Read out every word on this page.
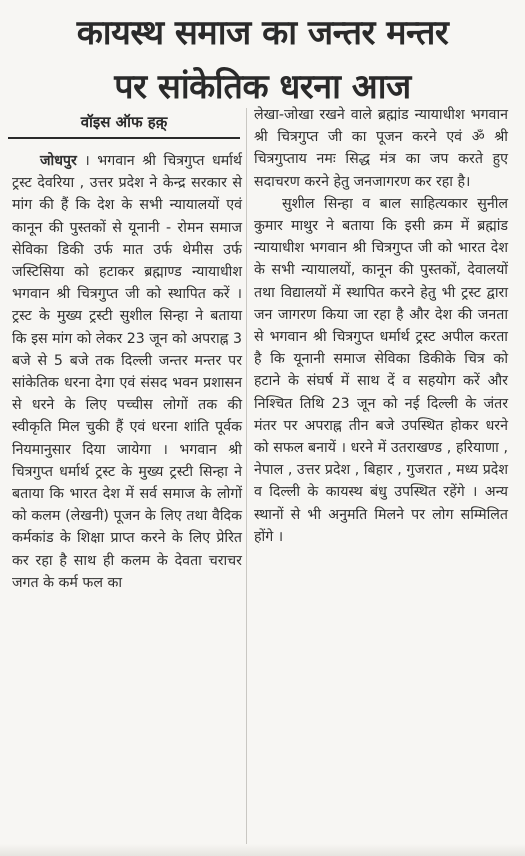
कायस्थ समाज का जन्तर मन्तर
पर सांकेतिक धरना आज
वॉइस ऑफ हक़्

जोधपुर । भगवान श्री चित्रगुप्त धर्मार्थ ट्रस्ट देवरिया , उत्तर प्रदेश ने केन्द्र सरकार से मांग की हैं कि देश के सभी न्यायालयों एवं कानून की पुस्तकों से यूनानी - रोमन समाज सेविका डिकी उर्फ मात उर्फ थेमीस उर्फ जस्टिसिया को हटाकर ब्रह्माण्ड न्यायाधीश भगवान श्री चित्रगुप्त जी को स्थापित करें । ट्रस्ट के मुख्य ट्रस्टी सुशील सिन्हा ने बताया कि इस मांग को लेकर 23 जून को अपराह्न 3 बजे से 5 बजे तक दिल्ली जन्तर मन्तर पर सांकेतिक धरना देगा एवं संसद भवन प्रशासन से धरने के लिए पच्चीस लोगों तक की स्वीकृति मिल चुकी हैं एवं धरना शांति पूर्वक नियमानुसार दिया जायेगा । भगवान श्री चित्रगुप्त धर्मार्थ ट्रस्ट के मुख्य ट्रस्टी सिन्हा ने बताया कि भारत देश में सर्व समाज के लोगों को कलम (लेखनी) पूजन के लिए तथा वैदिक कर्मकांड के शिक्षा प्राप्त करने के लिए प्रेरित कर रहा है साथ ही कलम के देवता चराचर जगत के कर्म फल का

लेखा-जोखा रखने वाले ब्रह्मांड न्यायाधीश भगवान श्री चित्रगुप्त जी का पूजन करने एवं ॐ श्री चित्रगुप्ताय नमः सिद्ध मंत्र का जप करते हुए सदाचरण करने हेतु जनजागरण कर रहा है।

सुशील सिन्हा व बाल साहित्यकार सुनील कुमार माथुर ने बताया कि इसी क्रम में ब्रह्मांड न्यायाधीश भगवान श्री चित्रगुप्त जी को भारत देश के सभी न्यायालयों, कानून की पुस्तकों, देवालयों तथा विद्यालयों में स्थापित करने हेतु भी ट्रस्ट द्वारा जन जागरण किया जा रहा है और देश की जनता से भगवान श्री चित्रगुप्त धर्मार्थ ट्रस्ट अपील करता है कि यूनानी समाज सेविका डिकीके चित्र को हटाने के संघर्ष में साथ दें व सहयोग करें और निश्चित तिथि 23 जून को नई दिल्ली के जंतर मंतर पर अपराह्न तीन बजे उपस्थित होकर धरने को सफल बनायें । धरने में उतराखण्ड , हरियाणा , नेपाल , उत्तर प्रदेश , बिहार , गुजरात , मध्य प्रदेश व दिल्ली के कायस्थ बंधु उपस्थित रहेंगे । अन्य स्थानों से भी अनुमति मिलने पर लोग सम्मिलित होंगे ।
